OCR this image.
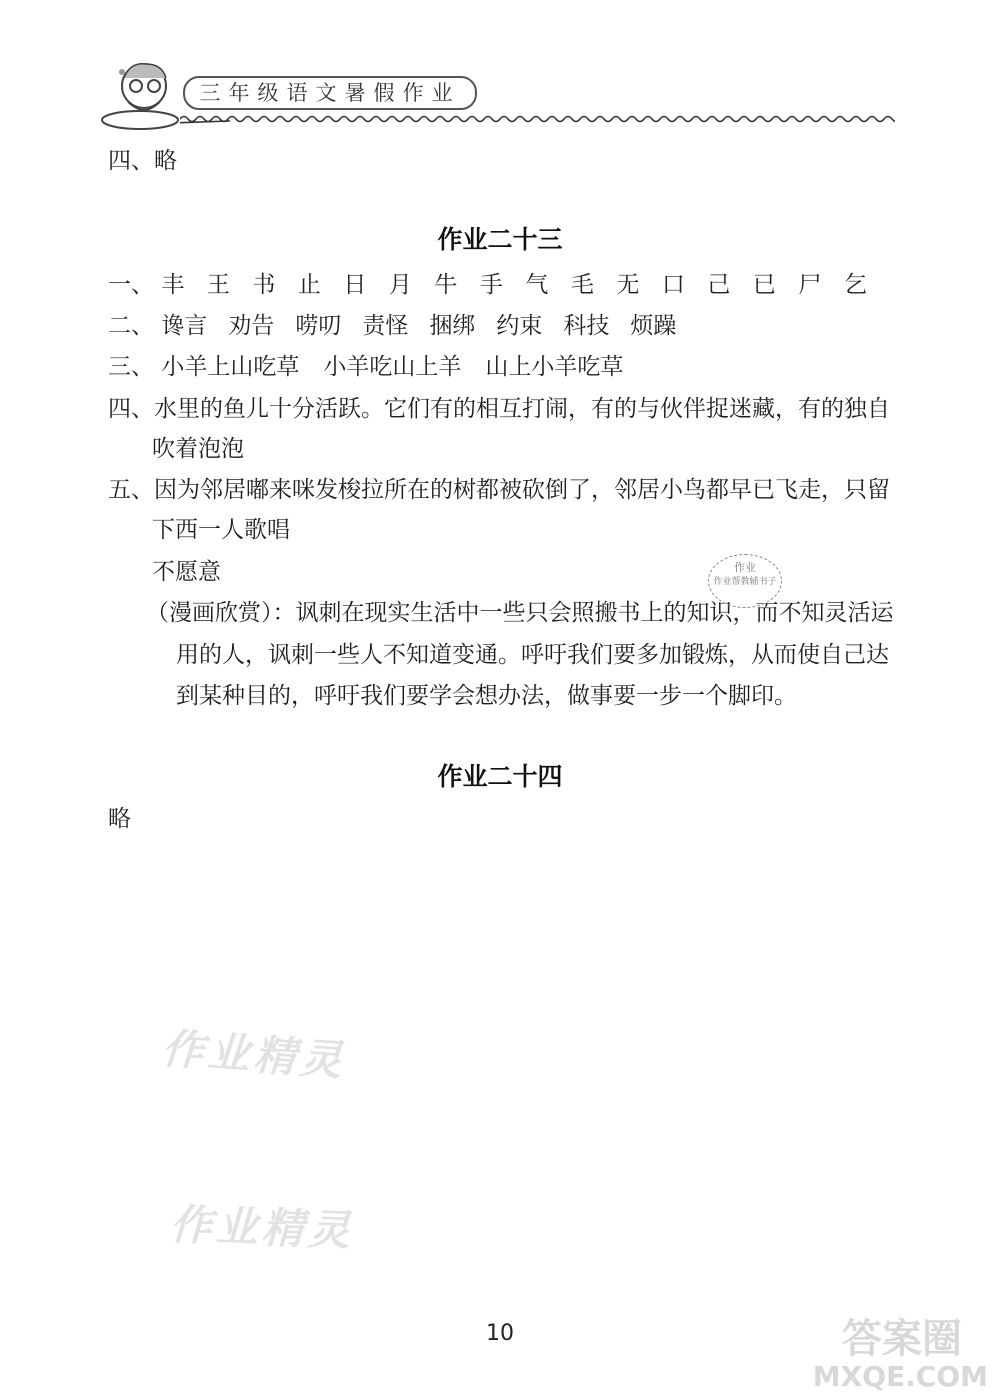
三年级语文暑假作业
四、略
作业二十三
一、 丰 王 书 止 日 月 牛 手 气 毛 无 口 己 已 尸 乞
二、 谗言 劝告 唠叨 责怪 捆绑 约束 科技 烦躁
三、 小羊上山吃草 小羊吃山上羊 山上小羊吃草
四、水里的鱼儿十分活跃。它们有的相互打闹，有的与伙伴捉迷藏，有的独自
吹着泡泡
五、因为邻居嘟来咪发梭拉所在的树都被砍倒了，邻居小鸟都早已飞走，只留
下西一人歌唱
不愿意
（漫画欣赏）：讽刺在现实生活中一些只会照搬书上的知识，而不知灵活运
用的人，讽刺一些人不知道变通。呼吁我们要多加锻炼，从而使自己达
到某种目的，呼吁我们要学会想办法，做事要一步一个脚印。
作业
作业帮教辅书子
作业二十四
略
作业精灵
作业精灵
10	答案圈
MXQE.COM
